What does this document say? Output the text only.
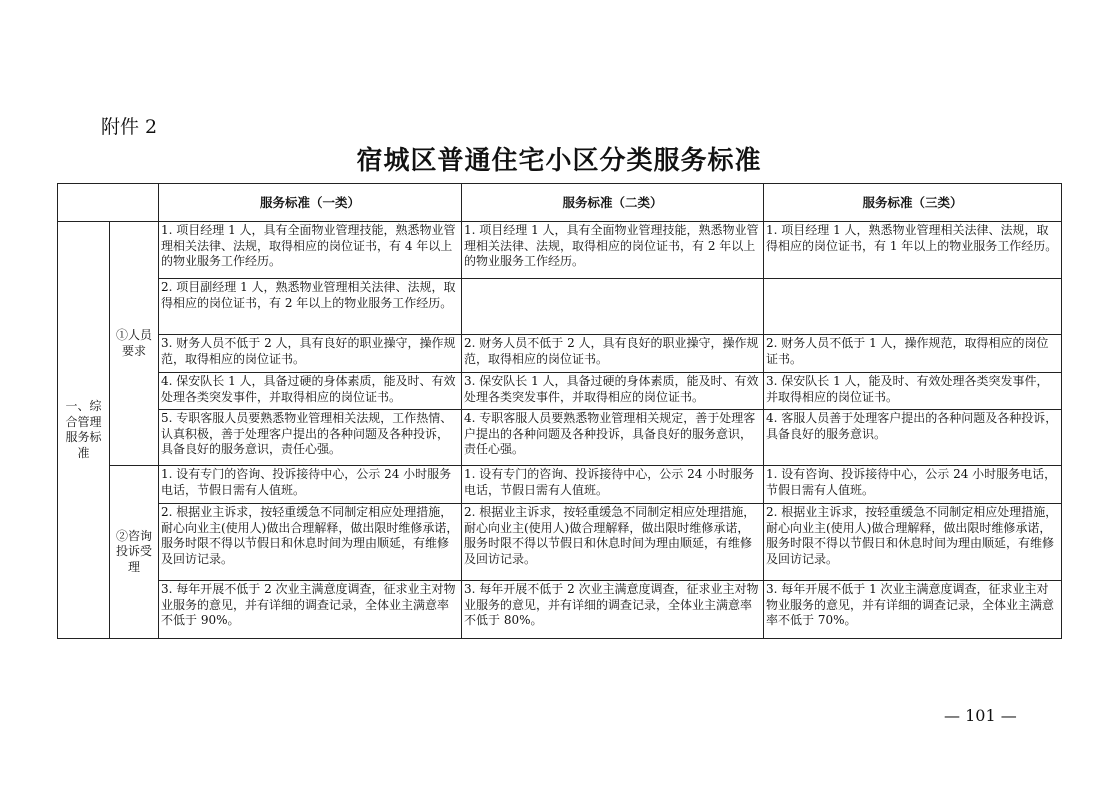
附件 2
宿城区普通住宅小区分类服务标准
		服务标准（一类）	服务标准（二类）	服务标准（三类）
一、综合管理服务标准	①人员要求	1. 项目经理 1 人，具有全面物业管理技能，熟悉物业管理相关法律、法规，取得相应的岗位证书，有 4 年以上的物业服务工作经历。	1. 项目经理 1 人，具有全面物业管理技能，熟悉物业管理相关法律、法规，取得相应的岗位证书，有 2 年以上的物业服务工作经历。	1. 项目经理 1 人，熟悉物业管理相关法律、法规，取得相应的岗位证书，有 1 年以上的物业服务工作经历。
		2. 项目副经理 1 人，熟悉物业管理相关法律、法规，取得相应的岗位证书，有 2 年以上的物业服务工作经历。		
		3. 财务人员不低于 2 人，具有良好的职业操守，操作规范，取得相应的岗位证书。	2. 财务人员不低于 2 人，具有良好的职业操守，操作规范，取得相应的岗位证书。	2. 财务人员不低于 1 人，操作规范，取得相应的岗位证书。
		4. 保安队长 1 人，具备过硬的身体素质，能及时、有效处理各类突发事件，并取得相应的岗位证书。	3. 保安队长 1 人，具备过硬的身体素质，能及时、有效处理各类突发事件，并取得相应的岗位证书。	3. 保安队长 1 人，能及时、有效处理各类突发事件，并取得相应的岗位证书。
		5. 专职客服人员要熟悉物业管理相关法规，工作热情、认真积极，善于处理客户提出的各种问题及各种投诉，具备良好的服务意识，责任心强。	4. 专职客服人员要熟悉物业管理相关规定，善于处理客户提出的各种问题及各种投诉，具备良好的服务意识，责任心强。	4. 客服人员善于处理客户提出的各种问题及各种投诉，具备良好的服务意识。
	②咨询投诉受理	1. 设有专门的咨询、投诉接待中心，公示 24 小时服务电话，节假日需有人值班。	1. 设有专门的咨询、投诉接待中心，公示 24 小时服务电话，节假日需有人值班。	1. 设有咨询、投诉接待中心，公示 24 小时服务电话，节假日需有人值班。
		2. 根据业主诉求，按轻重缓急不同制定相应处理措施，耐心向业主(使用人)做出合理解释，做出限时维修承诺，服务时限不得以节假日和休息时间为理由顺延，有维修及回访记录。	2. 根据业主诉求，按轻重缓急不同制定相应处理措施，耐心向业主(使用人)做合理解释，做出限时维修承诺，服务时限不得以节假日和休息时间为理由顺延，有维修及回访记录。	2. 根据业主诉求，按轻重缓急不同制定相应处理措施，耐心向业主(使用人)做合理解释，做出限时维修承诺，服务时限不得以节假日和休息时间为理由顺延，有维修及回访记录。
		3. 每年开展不低于 2 次业主满意度调查，征求业主对物业服务的意见，并有详细的调查记录，全体业主满意率不低于 90%。	3. 每年开展不低于 2 次业主满意度调查，征求业主对物业服务的意见，并有详细的调查记录，全体业主满意率不低于 80%。	3. 每年开展不低于 1 次业主满意度调查，征求业主对物业服务的意见，并有详细的调查记录，全体业主满意率不低于 70%。
— 101 —
